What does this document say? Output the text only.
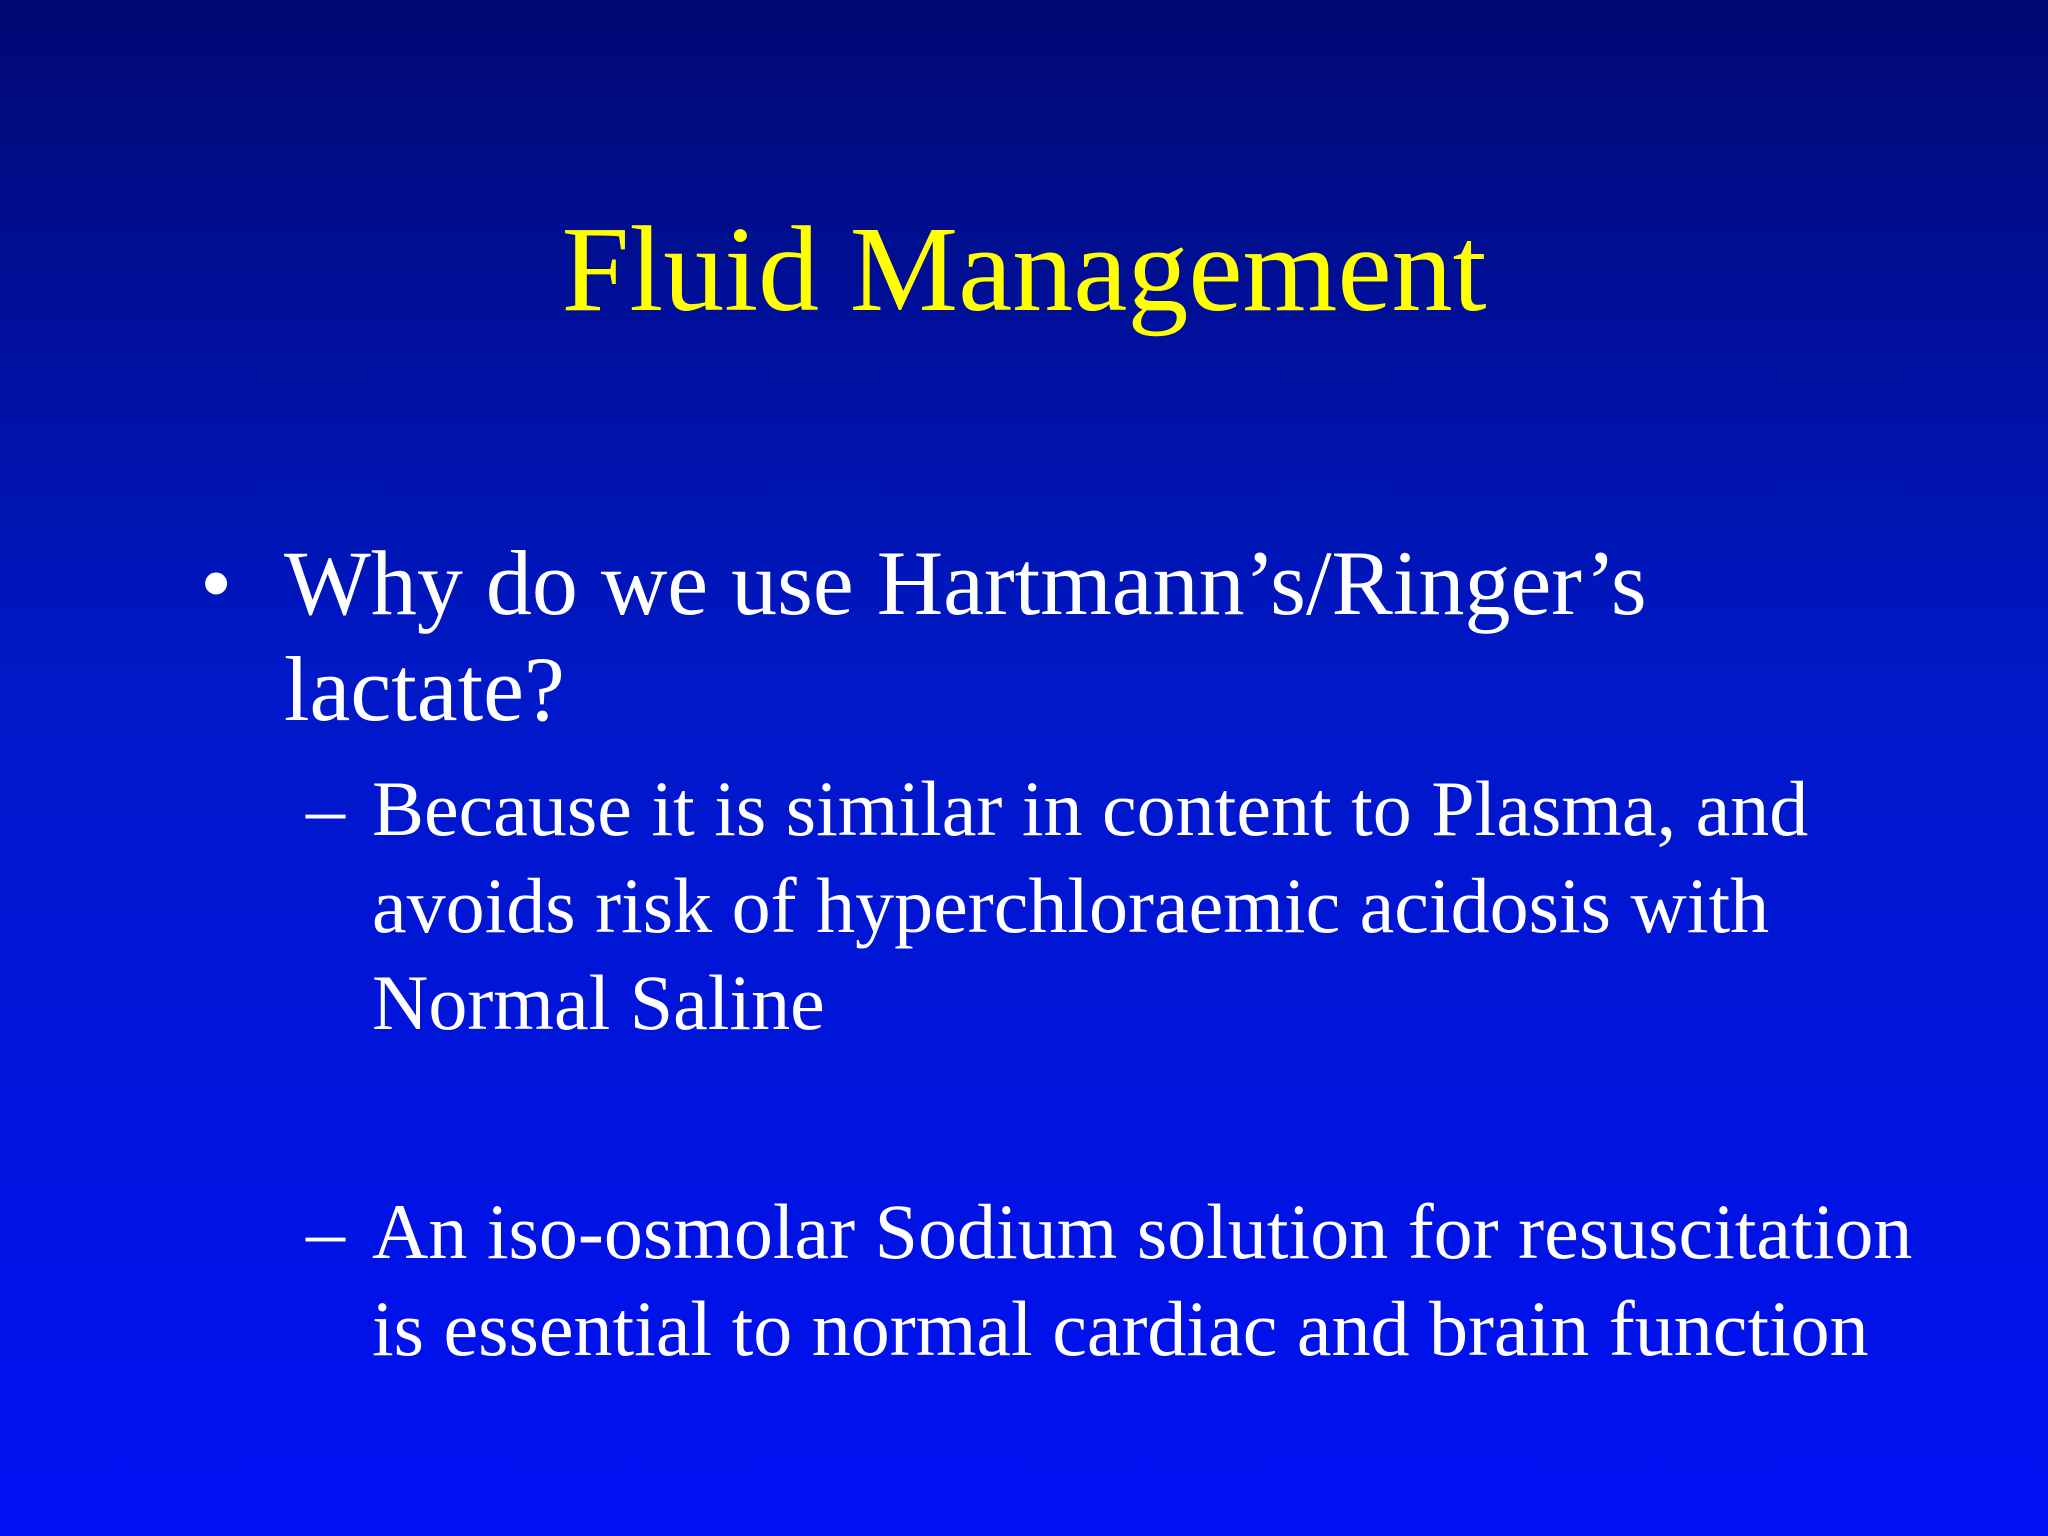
Fluid Management
• Why do we use Hartmann’s/Ringer’s lactate?
– Because it is similar in content to Plasma, and avoids risk of hyperchloraemic acidosis with Normal Saline
– An iso-osmolar Sodium solution for resuscitation is essential to normal cardiac and brain function
